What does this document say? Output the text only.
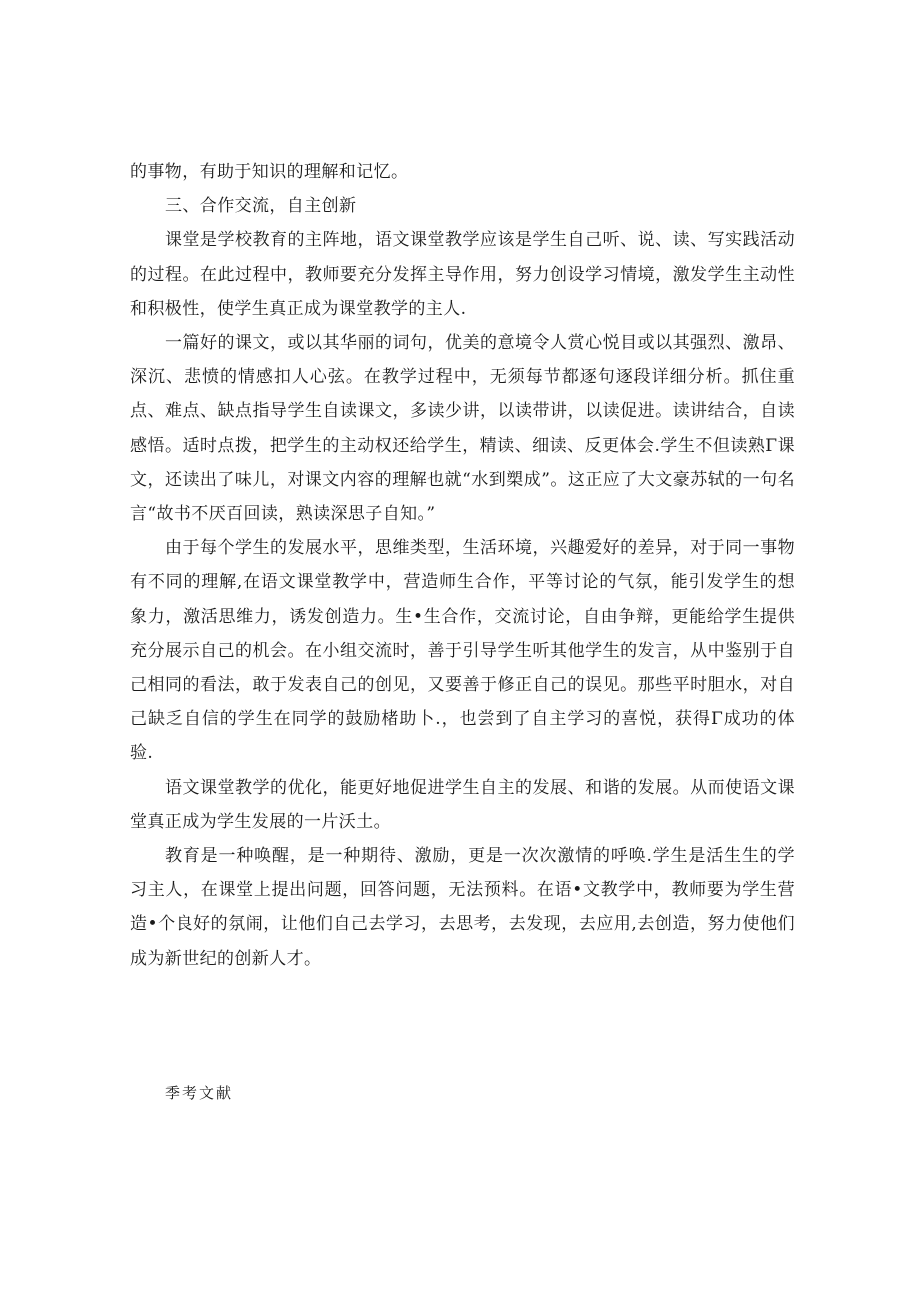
的事物，有助于知识的理解和记忆。

三、合作交流，自主创新

课堂是学校教育的主阵地，语文课堂教学应该是学生自己听、说、读、写实践活动的过程。在此过程中，教师要充分发挥主导作用，努力创设学习情境，激发学生主动性和积极性，使学生真正成为课堂教学的主人.

一篇好的课文，或以其华丽的词句，优美的意境令人赏心悦目或以其强烈、激昂、深沉、悲愤的情感扣人心弦。在教学过程中，无须每节都逐句逐段详细分析。抓住重点、难点、缺点指导学生自读课文，多读少讲，以读带讲，以读促进。读讲结合，自读感悟。适时点拨，把学生的主动权还给学生，精读、细读、反更体会.学生不但读熟Γ课文，还读出了味儿，对课文内容的理解也就“水到槊成”。这正应了大文豪苏轼的一句名言“故书不厌百回读，熟读深思子自知。”

由于每个学生的发展水平，思维类型，生活环境，兴趣爱好的差异，对于同一事物有不同的理解,在语文课堂教学中，营造师生合作，平等讨论的气氛，能引发学生的想象力，激活思维力，诱发创造力。生•生合作，交流讨论，自由争辩，更能给学生提供充分展示自己的机会。在小组交流时，善于引导学生听其他学生的发言，从中鉴别于自己相同的看法，敢于发表自己的创见，又要善于修正自己的误见。那些平时胆水，对自己缺乏自信的学生在同学的鼓励楮助卜.，也尝到了自主学习的喜悦，获得Γ成功的体验.

语文课堂教学的优化，能更好地促进学生自主的发展、和谐的发展。从而使语文课堂真正成为学生发展的一片沃土。

教育是一种唤醒，是一种期待、激励，更是一次次激情的呼唤.学生是活生生的学习主人，在课堂上提出问题，回答问题，无法预料。在语•文教学中，教师要为学生营造•个良好的氛闹，让他们自己去学习，去思考，去发现，去应用,去创造，努力使他们成为新世纪的创新人才。

季考文献
